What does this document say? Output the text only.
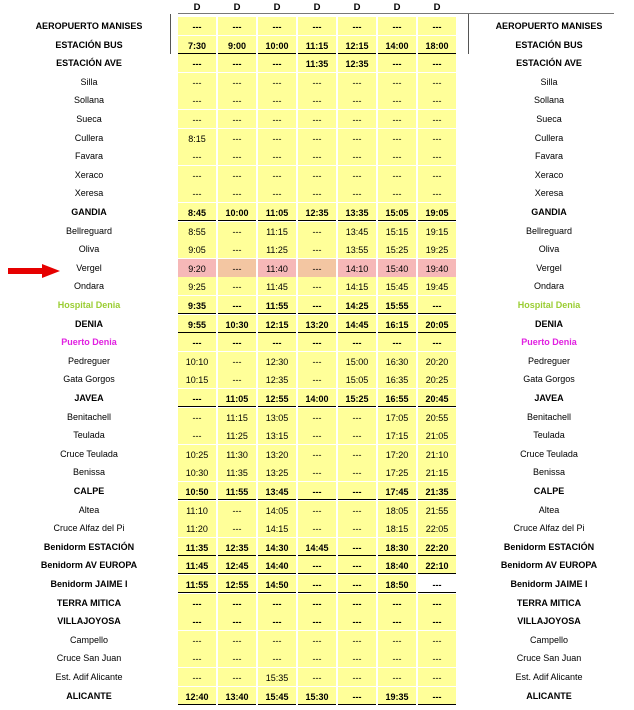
D	D	D	D	D	D	D
AEROPUERTO MANISES	---	---	---	---	---	---	---	AEROPUERTO MANISES
ESTACIÓN BUS	7:30	9:00	10:00	11:15	12:15	14:00	18:00	ESTACIÓN BUS
ESTACIÓN AVE	---	---	---	11:35	12:35	---	---	ESTACIÓN AVE
Silla	---	---	---	---	---	---	---	Silla
Sollana	---	---	---	---	---	---	---	Sollana
Sueca	---	---	---	---	---	---	---	Sueca
Cullera	8:15	---	---	---	---	---	---	Cullera
Favara	---	---	---	---	---	---	---	Favara
Xeraco	---	---	---	---	---	---	---	Xeraco
Xeresa	---	---	---	---	---	---	---	Xeresa
GANDIA	8:45	10:00	11:05	12:35	13:35	15:05	19:05	GANDIA
Bellreguard	8:55	---	11:15	---	13:45	15:15	19:15	Bellreguard
Oliva	9:05	---	11:25	---	13:55	15:25	19:25	Oliva
Vergel	9:20	---	11:40	---	14:10	15:40	19:40	Vergel
Ondara	9:25	---	11:45	---	14:15	15:45	19:45	Ondara
Hospital Denia	9:35	---	11:55	---	14:25	15:55	---	Hospital Denia
DENIA	9:55	10:30	12:15	13:20	14:45	16:15	20:05	DENIA
Puerto Denia	---	---	---	---	---	---	---	Puerto Denia
Pedreguer	10:10	---	12:30	---	15:00	16:30	20:20	Pedreguer
Gata Gorgos	10:15	---	12:35	---	15:05	16:35	20:25	Gata Gorgos
JAVEA	---	11:05	12:55	14:00	15:25	16:55	20:45	JAVEA
Benitachell	---	11:15	13:05	---	---	17:05	20:55	Benitachell
Teulada	---	11:25	13:15	---	---	17:15	21:05	Teulada
Cruce Teulada	10:25	11:30	13:20	---	---	17:20	21:10	Cruce Teulada
Benissa	10:30	11:35	13:25	---	---	17:25	21:15	Benissa
CALPE	10:50	11:55	13:45	---	---	17:45	21:35	CALPE
Altea	11:10	---	14:05	---	---	18:05	21:55	Altea
Cruce Alfaz del Pi	11:20	---	14:15	---	---	18:15	22:05	Cruce Alfaz del Pi
Benidorm ESTACIÓN	11:35	12:35	14:30	14:45	---	18:30	22:20	Benidorm ESTACIÓN
Benidorm AV EUROPA	11:45	12:45	14:40	---	---	18:40	22:10	Benidorm AV EUROPA
Benidorm JAIME I	11:55	12:55	14:50	---	---	18:50	---	Benidorm JAIME I
TERRA MITICA	---	---	---	---	---	---	---	TERRA MITICA
VILLAJOYOSA	---	---	---	---	---	---	---	VILLAJOYOSA
Campello	---	---	---	---	---	---	---	Campello
Cruce San Juan	---	---	---	---	---	---	---	Cruce San Juan
Est. Adif Alicante	---	---	15:35	---	---	---	---	Est. Adif Alicante
ALICANTE	12:40	13:40	15:45	15:30	---	19:35	---	ALICANTE
